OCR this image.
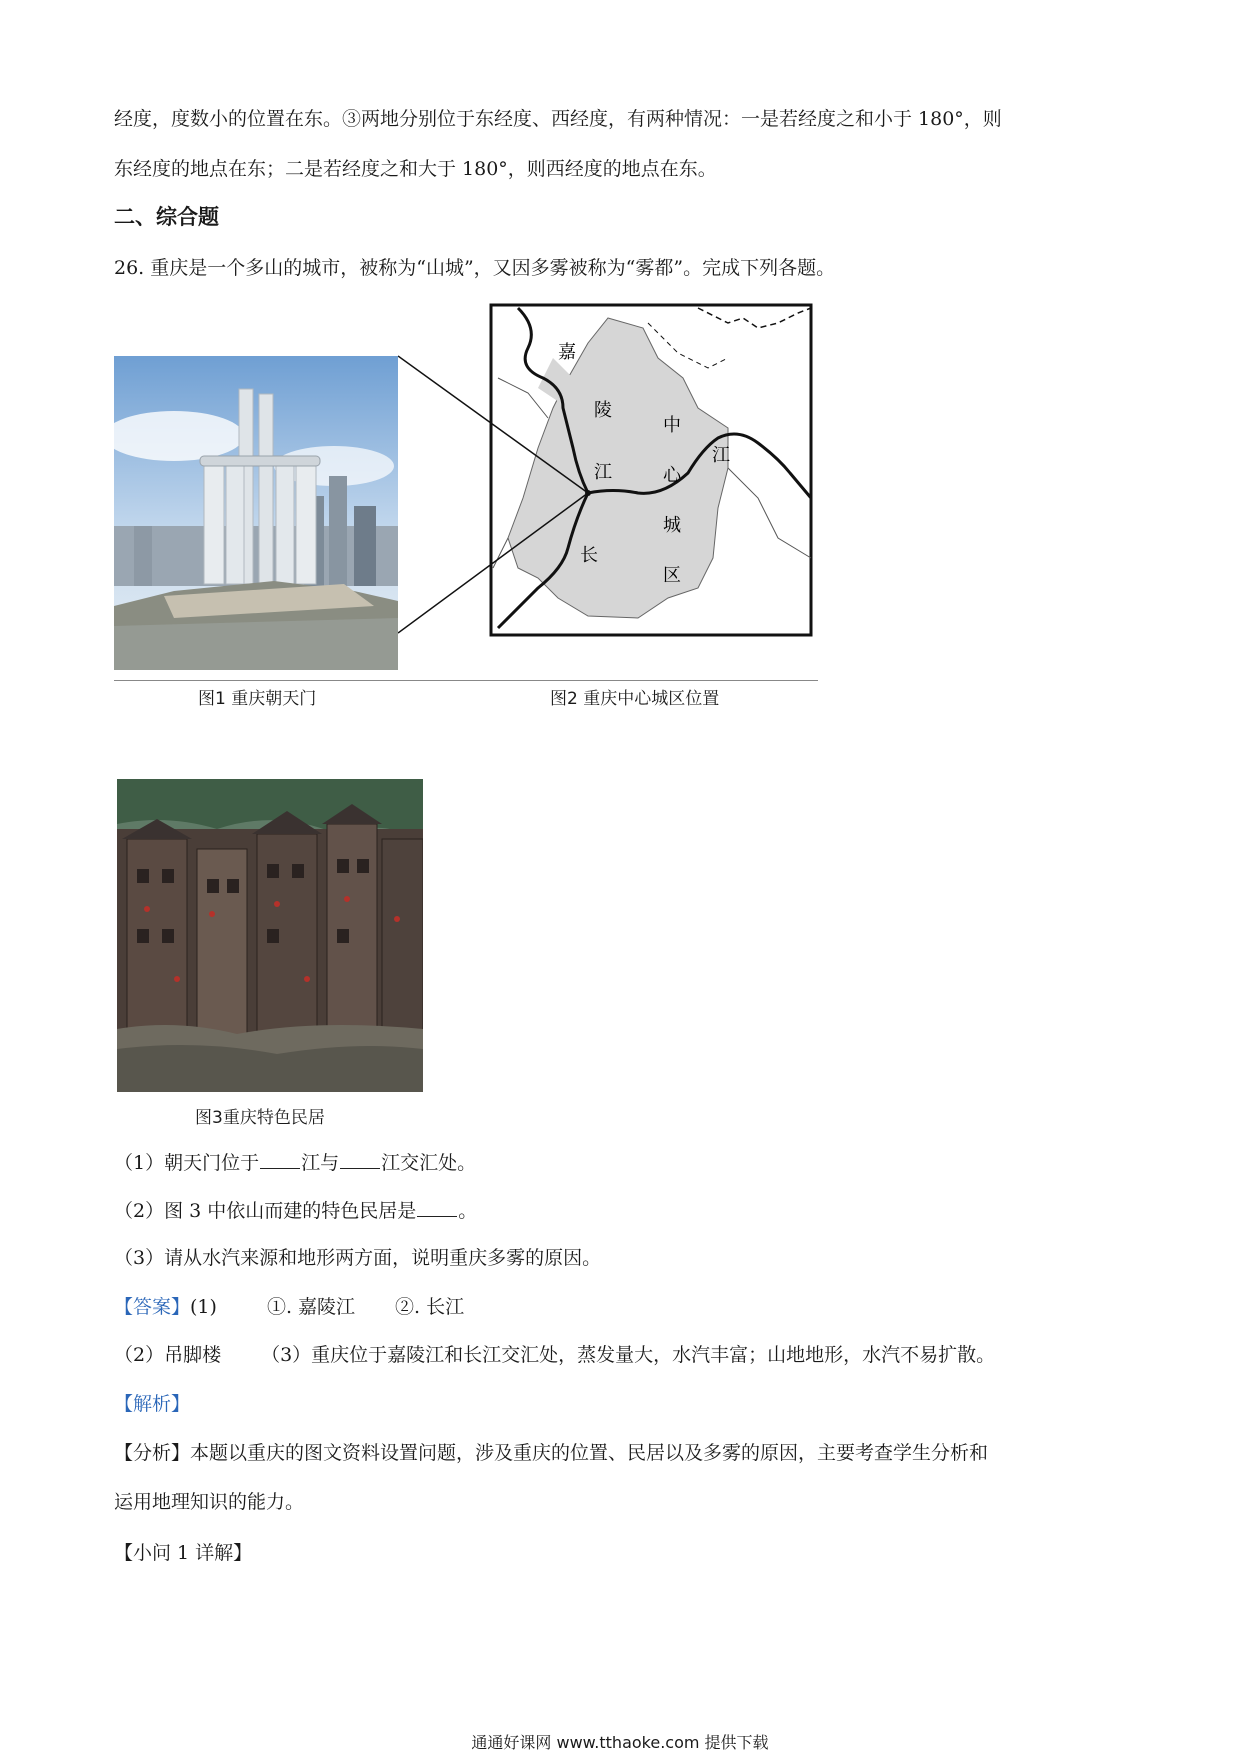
经度，度数小的位置在东。③两地分别位于东经度、西经度，有两种情况：一是若经度之和小于 180°，则
东经度的地点在东；二是若经度之和大于 180°，则西经度的地点在东。
二、综合题
26. 重庆是一个多山的城市，被称为“山城”，又因多雾被称为“雾都”。完成下列各题。
嘉
陵
江
长
江
中
心
城
区
图1 重庆朝天门	图2 重庆中心城区位置
图3重庆特色民居
（1）朝天门位于 江与 江交汇处。
（2）图 3 中依山而建的特色民居是 。
（3）请从水汽来源和地形两方面，说明重庆多雾的原因。
【答案】(1)	①. 嘉陵江 ②. 长江
（2）吊脚楼 （3）重庆位于嘉陵江和长江交汇处，蒸发量大，水汽丰富；山地地形，水汽不易扩散。
【解析】
【分析】本题以重庆的图文资料设置问题，涉及重庆的位置、民居以及多雾的原因，主要考查学生分析和
运用地理知识的能力。
【小问 1 详解】
通通好课网 www.tthaoke.com 提供下载
